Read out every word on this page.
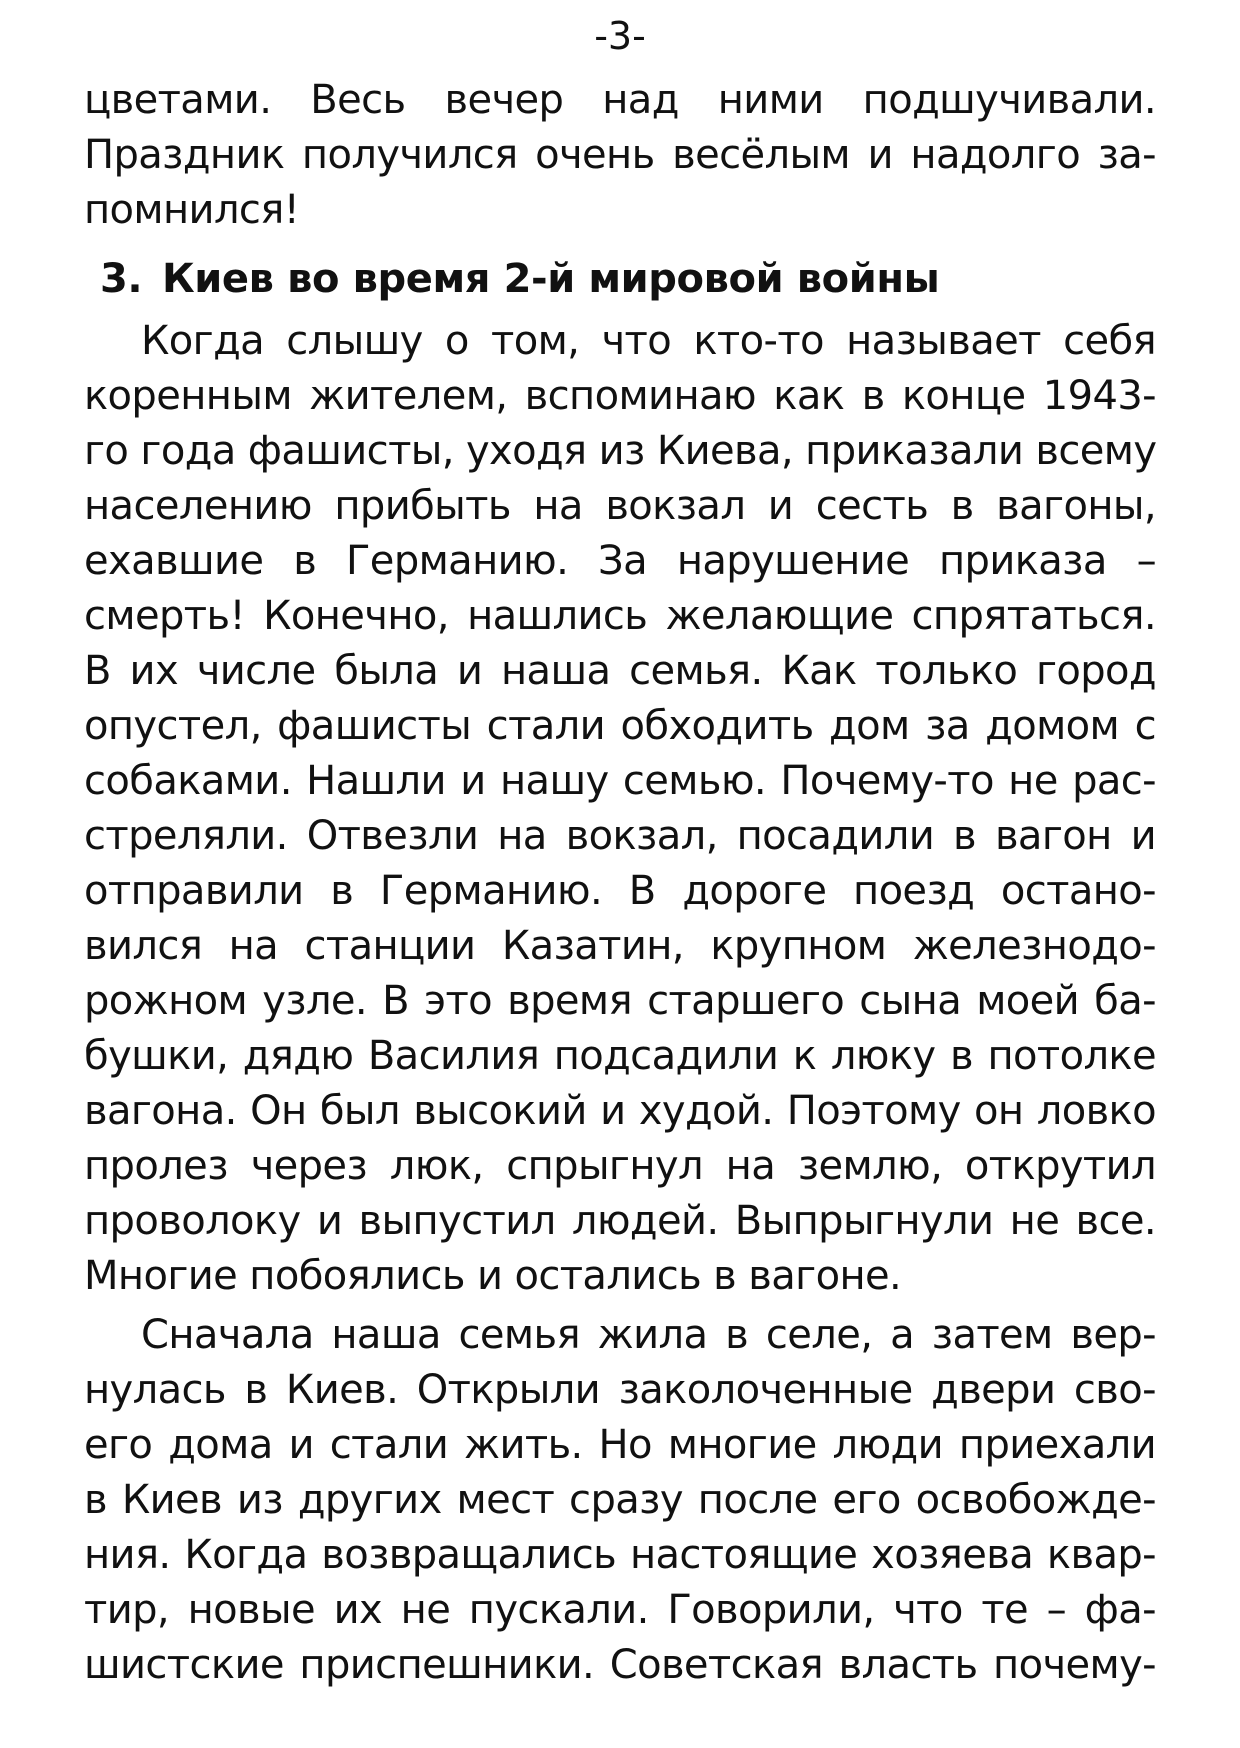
-3-
цветами. Весь вечер над ними подшучивали.
Праздник получился очень весёлым и надолго за-
помнился!
3. Киев во время 2-й мировой войны
Когда слышу о том, что кто-то называет себя
коренным жителем, вспоминаю как в конце 1943-
го года фашисты, уходя из Киева, приказали всему
населению прибыть на вокзал и сесть в вагоны,
ехавшие в Германию. За нарушение приказа –
смерть! Конечно, нашлись желающие спрятаться.
В их числе была и наша семья. Как только город
опустел, фашисты стали обходить дом за домом с
собаками. Нашли и нашу семью. Почему-то не рас-
стреляли. Отвезли на вокзал, посадили в вагон и
отправили в Германию. В дороге поезд остано-
вился на станции Казатин, крупном железнодо-
рожном узле. В это время старшего сына моей ба-
бушки, дядю Василия подсадили к люку в потолке
вагона. Он был высокий и худой. Поэтому он ловко
пролез через люк, спрыгнул на землю, открутил
проволоку и выпустил людей. Выпрыгнули не все.
Многие побоялись и остались в вагоне.
Сначала наша семья жила в селе, а затем вер-
нулась в Киев. Открыли заколоченные двери сво-
его дома и стали жить. Но многие люди приехали
в Киев из других мест сразу после его освобожде-
ния. Когда возвращались настоящие хозяева квар-
тир, новые их не пускали. Говорили, что те – фа-
шистские приспешники. Советская власть почему-
